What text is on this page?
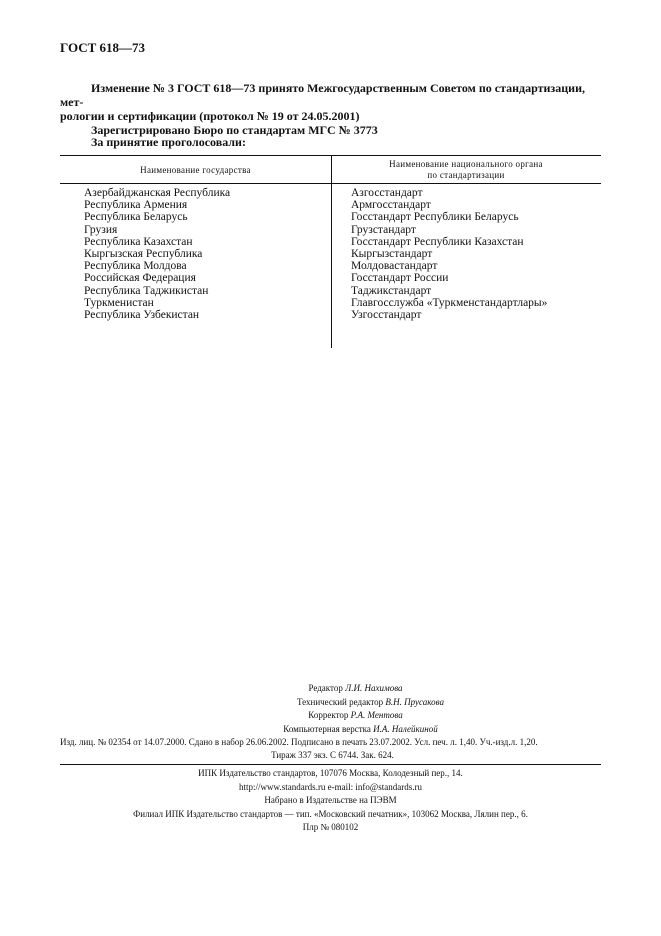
ГОСТ 618—73
Изменение № 3 ГОСТ 618—73 принято Межгосударственным Советом по стандартизации, мет-
рологии и сертификации (протокол № 19 от 24.05.2001)
Зарегистрировано Бюро по стандартам МГС № 3773
За принятие проголосовали:
Наименование государства
Наименование национального органа
по стандартизации
Азербайджанская Республика
Республика Армения
Республика Беларусь
Грузия
Республика Казахстан
Кыргызская Республика
Республика Молдова
Российская Федерация
Республика Таджикистан
Туркменистан
Республика Узбекистан
Азгосстандарт
Армгосстандарт
Госстандарт Республики Беларусь
Грузстандарт
Госстандарт Республики Казахстан
Кыргызстандарт
Молдовастандарт
Госстандарт России
Таджикстандарт
Главгосслужба «Туркменстандартлары»
Узгосстандарт
Редактор Л.И. Нахимова
Технический редактор В.Н. Прусакова
Корректор Р.А. Ментова
Компьютерная верстка И.А. Налейкиной
Изд. лиц. № 02354 от 14.07.2000. Сдано в набор 26.06.2002. Подписано в печать 23.07.2002. Усл. печ. л. 1,40. Уч.-изд.л. 1,20.
Тираж 337 экз. С 6744. Зак. 624.
ИПК Издательство стандартов, 107076 Москва, Колодезный пер., 14.
http://www.standards.ru e-mail: info@standards.ru
Набрано в Издательстве на ПЭВМ
Филиал ИПК Издательство стандартов — тип. «Московский печатник», 103062 Москва, Лялин пер., 6.
Плр № 080102
